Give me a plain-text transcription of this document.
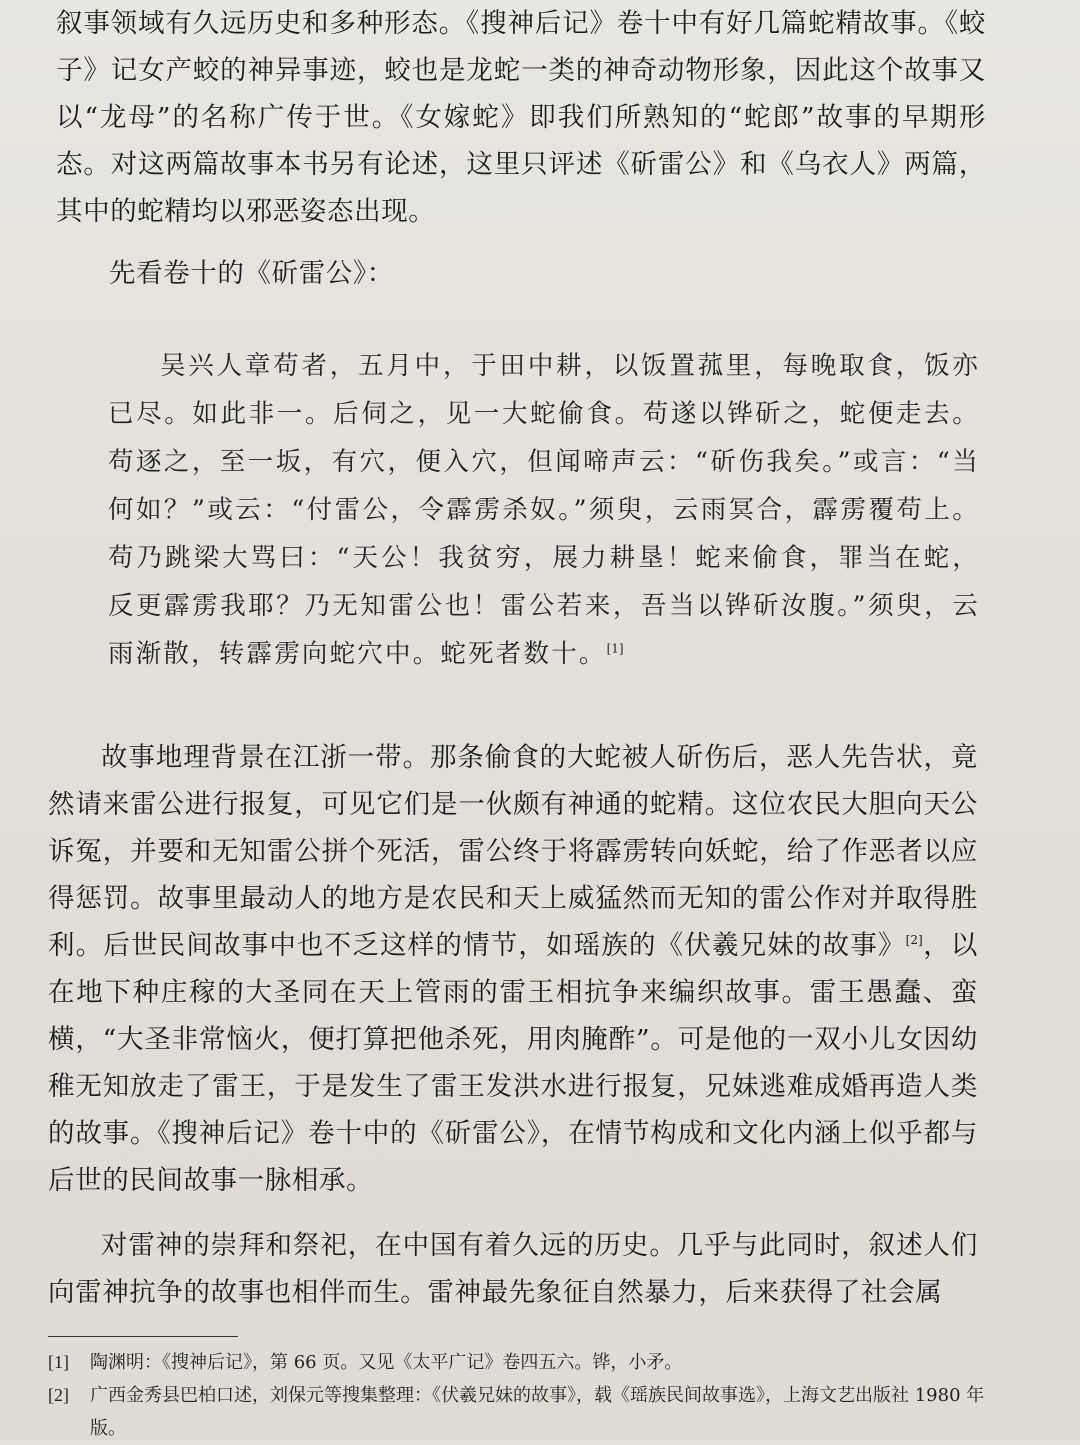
叙事领域有久远历史和多种形态。《搜神后记》卷十中有好几篇蛇精故事。《蛟子》记女产蛟的神异事迹，蛟也是龙蛇一类的神奇动物形象，因此这个故事又以“龙母”的名称广传于世。《女嫁蛇》即我们所熟知的“蛇郎”故事的早期形态。对这两篇故事本书另有论述，这里只评述《斫雷公》和《乌衣人》两篇，其中的蛇精均以邪恶姿态出现。

先看卷十的《斫雷公》：

吴兴人章苟者，五月中，于田中耕，以饭置菰里，每晚取食，饭亦已尽。如此非一。后伺之，见一大蛇偷食。苟遂以铧斫之，蛇便走去。苟逐之，至一坂，有穴，便入穴，但闻啼声云：“斫伤我矣。”或言：“当何如？”或云：“付雷公，令霹雳杀奴。”须臾，云雨冥合，霹雳覆苟上。苟乃跳梁大骂曰：“天公！我贫穷，展力耕垦！蛇来偷食，罪当在蛇，反更霹雳我耶？乃无知雷公也！雷公若来，吾当以铧斫汝腹。”须臾，云雨渐散，转霹雳向蛇穴中。蛇死者数十。[1]

故事地理背景在江浙一带。那条偷食的大蛇被人斫伤后，恶人先告状，竟然请来雷公进行报复，可见它们是一伙颇有神通的蛇精。这位农民大胆向天公诉冤，并要和无知雷公拼个死活，雷公终于将霹雳转向妖蛇，给了作恶者以应得惩罚。故事里最动人的地方是农民和天上威猛然而无知的雷公作对并取得胜利。后世民间故事中也不乏这样的情节，如瑶族的《伏羲兄妹的故事》[2]，以在地下种庄稼的大圣同在天上管雨的雷王相抗争来编织故事。雷王愚蠢、蛮横，“大圣非常恼火，便打算把他杀死，用肉腌酢”。可是他的一双小儿女因幼稚无知放走了雷王，于是发生了雷王发洪水进行报复，兄妹逃难成婚再造人类的故事。《搜神后记》卷十中的《斫雷公》，在情节构成和文化内涵上似乎都与后世的民间故事一脉相承。

对雷神的崇拜和祭祀，在中国有着久远的历史。几乎与此同时，叙述人们向雷神抗争的故事也相伴而生。雷神最先象征自然暴力，后来获得了社会属

[1]	陶渊明：《搜神后记》，第 66 页。又见《太平广记》卷四五六。铧，小矛。
[2]	广西金秀县巴柏口述，刘保元等搜集整理：《伏羲兄妹的故事》，载《瑶族民间故事选》，上海文艺出版社 1980 年版。
